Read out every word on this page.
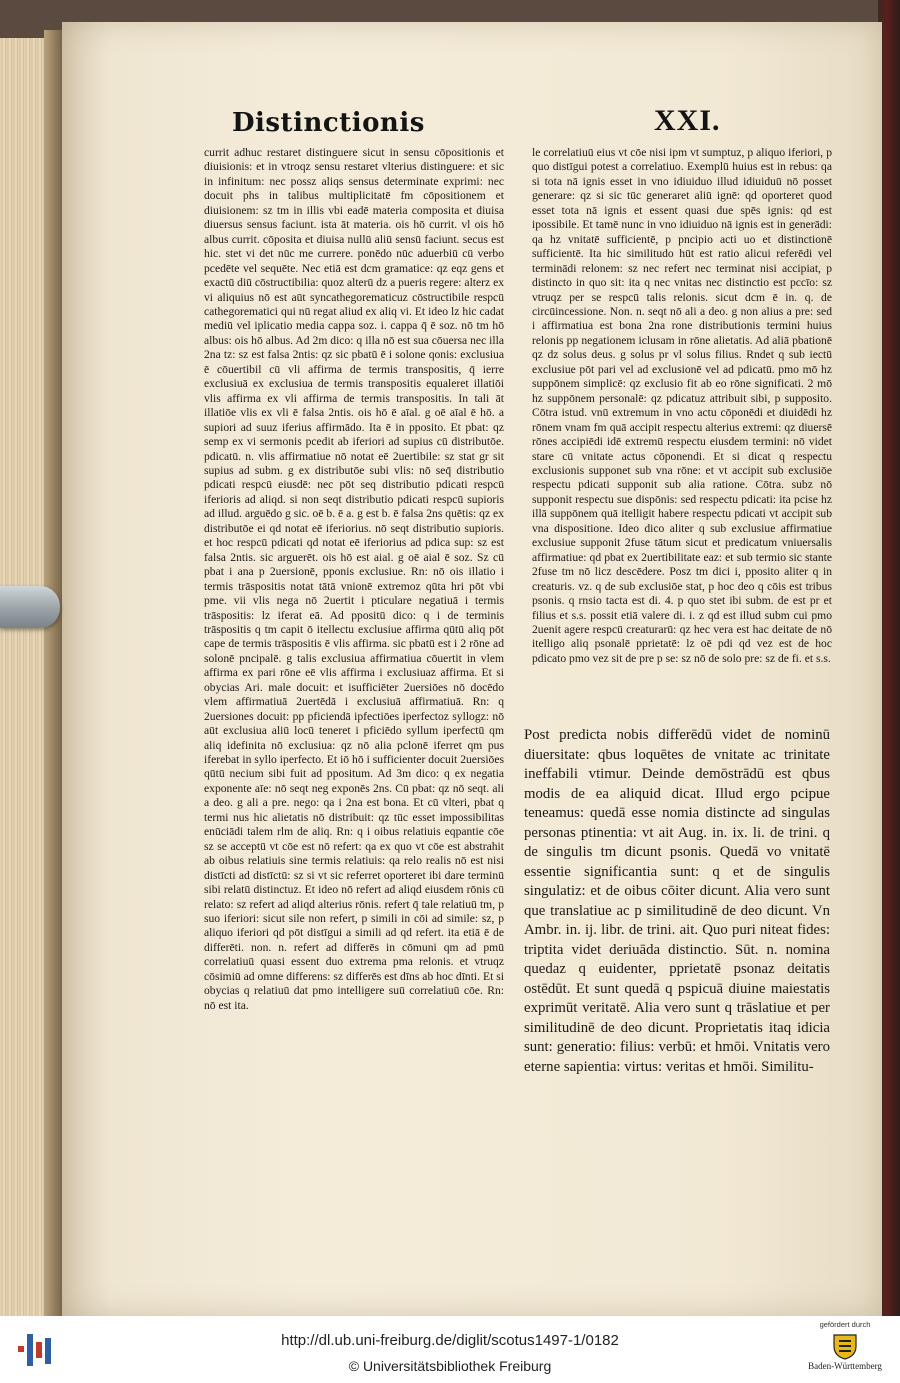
Distinctionis	XXI.

currit adhuc restaret distinguere sicut in sensu cōpositionis et diuisionis: et in vtroqz sensu restaret vlterius distinguere: et sic in infinitum: nec possz aliqs sensus determinate exprimi: nec docuit phs in talibus multiplicitatē fm cōpositionem et diuisionem: sz tm in illis vbi eadē materia composita et diuisa diuersus sensus faciunt. ista āt materia. ois hō currit. vl ois hō albus currit. cōposita et diuisa nullū aliū sensū faciunt. secus est hic. stet vi det nūc me currere. ponēdo nūc aduerbiū cū verbo pcedēte vel sequēte. Nec etiā est dcm gramatice: qz eqz gens et exactū diū cōstructibilia: quoz alterū dz a pueris regere: alterz ex vi aliquius nō est aūt syncathegorematicuz cōstructibile respcū cathegorematici qui nū regat aliud ex aliq vi. Et ideo lz hic cadat mediū vel iplicatio media cappa soz. i. cappa q̄ ē soz. nō tm hō albus: ois hō albus. Ad 2m dico: q illa nō est sua cōuersa nec illa 2na tz: sz est falsa 2ntis: qz sic pbatū ē i solone qonis: exclusiua ē cōuertibil cū vli affirma de termis transpositis, q̄ ierre exclusiuā ex exclusiua de termis transpositis equaleret illatiōi vlis affirma ex vli affirma de termis transpositis. In tali āt illatiōe vlis ex vli ē falsa 2ntis. ois hō ē aīal. g oē aīal ē hō. a supiori ad suuz iferius affirmādo. Ita ē in pposito. Et pbat: qz semp ex vi sermonis pcedit ab iferiori ad supius cū distributōe. pdicatū. n. vlis affirmatiue nō notat eē 2uertibile: sz stat gr sit supius ad subm. g ex distributōe subi vlis: nō seq̄ distributio pdicati respcū eiusdē: nec pōt seq distributio pdicati respcū iferioris ad aliqd. si non seqt distributio pdicati respcū supioris ad illud. arguēdo g sic. oē b. ē a. g est b. ē falsa 2ns quētis: qz ex distributōe ei qd notat eē iferiorius. nō seqt distributio supioris. et hoc respcū pdicati qd notat eē iferiorius ad pdica sup: sz est falsa 2ntis. sic arguerēt. ois hō est aial. g oē aial ē soz. Sz cū pbat i ana p 2uersionē, pponis exclusiue. Rn: nō ois illatio i termis trāspositis notat tātā vnionē extremoz qūta hri pōt vbi pme. vii vlis nega nō 2uertit i pticulare negatiuā i termis trāspositis: lz iferat eā. Ad ppositū dico: q i de terminis trāspositis q tm capit ō itellectu exclusiue affirma qūtū aliq pōt cape de termis trāspositis ē vlis affirma. sic pbatū est i 2 rōne ad solonē pncipalē. g talis exclusiua affirmatiua cōuertit in vlem affirma ex pari rōne eē vlis affirma i exclusiuaz affirma. Et si obycias Ari. male docuit: et isufficiēter 2uersiōes nō docēdo vlem affirmatiuā 2uertēdā i exclusiuā affirmatiuā. Rn: q 2uersiones docuit: pp pficiendā ipfectiōes iperfectoz syllogz: nō aūt exclusiua aliū locū teneret i pficiēdo syllum iperfectū qm aliq idefinita nō exclusiua: qz nō alia pclonē iferret qm pus iferebat in syllo iperfecto. Et iō hō i sufficienter docuit 2uersiōes qūtū necium sibi fuit ad ppositum. Ad 3m dico: q ex negatia exponente aīe: nō seqt neg exponēs 2ns. Cū pbat: qz nō seqt. ali a deo. g ali a pre. nego: qa i 2na est bona. Et cū vlteri, pbat q termi nus hic alietatis nō distribuit: qz tūc esset impossibilitas enūciādi talem rlm de aliq. Rn: q i oibus relatiuis eqpantie cōe sz se acceptū vt cōe est nō refert: qa ex quo vt cōe est abstrahit ab oibus relatiuis sine termis relatiuis: qa relo realis nō est nisi distīcti ad distīctū: sz si vt sic referret oporteret ibi dare terminū sibi relatū distinctuz. Et ideo nō refert ad aliqd eiusdem rōnis cū relato: sz refert ad aliqd alterius rōnis. refert q̄ tale relatiuū tm, p suo iferiori: sicut sile non refert, p simili in cōi ad simile: sz, p aliquo iferiori qd pōt distīgui a simili ad qd refert. ita etiā ē de differēti. non. n. refert ad differēs in cōmuni qm ad pmū correlatiuū quasi essent duo extrema pma relonis. et vtruqz cōsimiū ad omne differens: sz differēs est dīns ab hoc dīnti. Et si obycias q relatiuū dat pmo intelligere suū correlatiuū cōe. Rn: nō est ita.

le correlatiuū eius vt cōe nisi ipm vt sumptuz, p aliquo iferiori, p quo distīgui potest a correlatiuo. Exemplū huius est in rebus: qa si tota nā ignis esset in vno idiuiduo illud idiuiduū nō posset generare: qz si sic tūc generaret aliū ignē: qd oporteret quod esset tota nā ignis et essent quasi due spēs ignis: qd est ipossibile. Et tamē nunc in vno idiuiduo nā ignis est in generādi: qa hz vnitatē sufficientē, p pncipio acti uo et distinctionē sufficientē. Ita hic similitudo hūt est ratio alicui referēdi vel terminādi relonem: sz nec refert nec terminat nisi accipiat, p distincto in quo sit: ita q nec vnitas nec distinctio est pccīo: sz vtruqz per se respcū talis relonis. sicut dcm ē in. q. de circūincessione. Non. n. seqt nō ali a deo. g non alius a pre: sed i affirmatiua est bona 2na rone distributionis termini huius relonis pp negationem iclusam in rōne alietatis. Ad aliā pbationē qz dz solus deus. g solus pr vl solus filius. Rndet q sub iectū exclusiue pōt pari vel ad exclusionē vel ad pdicatū. pmo mō hz suppōnem simplicē: qz exclusio fit ab eo rōne significati. 2 mō hz suppōnem personalē: qz pdicatuz attribuit sibi, p supposito. Cōtra istud. vnū extremum in vno actu cōponēdi et diuidēdi hz rōnem vnam fm quā accipit respectu alterius extremi: qz diuersē rōnes accipiēdi idē extremū respectu eiusdem termini: nō videt stare cū vnitate actus cōponendi. Et si dicat q respectu exclusionis supponet sub vna rōne: et vt accipit sub exclusiōe respectu pdicati supponit sub alia ratione. Cōtra. subz nō supponit respectu sue dispōnis: sed respectu pdicati: ita pcise hz illā suppōnem quā itelligit habere respectu pdicati vt accipit sub vna dispositione. Ideo dico aliter q sub exclusiue affirmatiue exclusiue supponit 2fuse tātum sicut et predicatum vniuersalis affirmatiue: qd pbat ex 2uertibilitate eaz: et sub termio sic stante 2fuse tm nō licz descēdere. Posz tm dici i, pposito aliter q in creaturis. vz. q de sub exclusiōe stat, p hoc deo q cōis est tribus psonis. q rnsio tacta est di. 4. p quo stet ibi subm. de est pr et filius et s.s. possit etiā valere di. i. z qd est illud subm cui pmo 2uenit agere respcū creaturarū: qz hec vera est hac deitate de nō itelligo aliq psonalē pprietatē: lz oē pdi qd vez est de hoc pdicato pmo vez sit de pre p se: sz nō de solo pre: sz de fi. et s.s.

Post predicta nobis differēdū videt de nominū diuersitate: qbus loquētes de vnitate ac trinitate ineffabili vtimur. Deinde demōstrādū est qbus modis de ea aliquid dicat. Illud ergo pcipue teneamus: quedā esse nomia distincte ad singulas personas ptinentia: vt ait Aug. in. ix. li. de trini. q de singulis tm dicunt psonis. Quedā vo vnitatē essentie significantia sunt: q et de singulis singulatiz: et de oibus cōiter dicunt. Alia vero sunt que translatiue ac p similitudinē de deo dicunt. Vn Ambr. in. ij. libr. de trini. ait. Quo puri niteat fides: triptita videt deriuāda distinctio. Sūt. n. nomina quedaz q euidenter, pprietatē psonaz deitatis ostēdūt. Et sunt quedā q pspicuā diuine maiestatis exprimūt veritatē. Alia vero sunt q trāslatiue et per similitudinē de deo dicunt. Proprietatis itaq idicia sunt: generatio: filius: verbū: et hmōi. Vnitatis vero eterne sapientia: virtus: veritas et hmōi. Similitu-

http://dl.ub.uni-freiburg.de/diglit/scotus1497-1/0182
© Universitätsbibliothek Freiburg
gefördert durch
Baden-Württemberg
